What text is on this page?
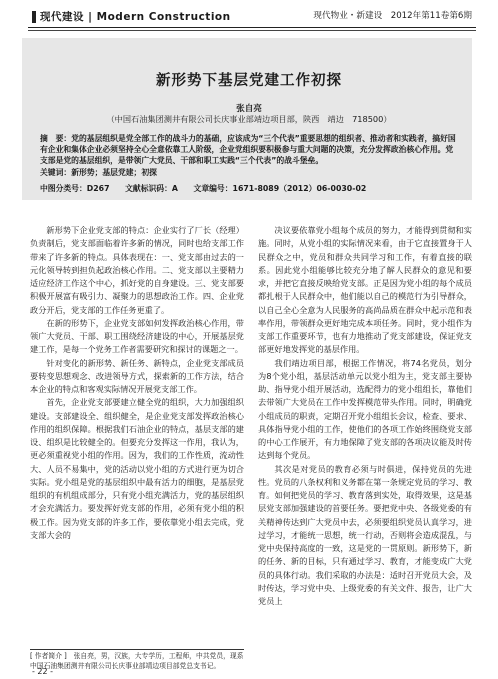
现代建设 | Modern Construction	现代物业・新建设　2012年第11卷第6期
新形势下基层党建工作初探
张自亮
（中国石油集团测井有限公司长庆事业部靖边项目部，陕西　靖边　718500）
摘　要：党的基层组织是党全部工作的战斗力的基础，应该成为“三个代表”重要思想的组织者、推动者和实践者，搞好国有企业和集体企业必须坚持全心全意依靠工人阶级，企业党组织要积极参与重大问题的决策，充分发挥政治核心作用。党支部是党的基层组织，是带领广大党员、干部和职工实践“三个代表”的战斗堡垒。
关键词：新形势；基层党建；初探
中图分类号：D267　　文献标识码：A　　文章编号：1671-8089（2012）06-0030-02

新形势下企业党支部的特点：企业实行了厂长（经理）负责制后，党支部面临着许多新的情况，同时也给支部工作带来了许多新的特点。具体表现在：一、党支部由过去的一元化领导转到担负起政治核心作用。二、党支部以主要精力适应经济工作这个中心，抓好党的自身建设。三、党支部要积极开展富有吸引力、凝聚力的思想政治工作。四、企业党政分开后，党支部的工作任务更重了。

在新的形势下，企业党支部如何发挥政治核心作用，带领广大党员、干部、职工围绕经济建设的中心，开展基层党建工作，是每一个党务工作者需要研究和探讨的课题之一。

针对变化的新形势、新任务、新特点，企业党支部成员要转变思想观念、改进领导方式，探索新的工作方法，结合本企业的特点和客观实际情况开展党支部工作。

首先，企业党支部要建立健全党的组织，大力加强组织建设。支部建设全、组织健全，是企业党支部发挥政治核心作用的组织保障。根据我们石油企业的特点，基层支部的建设、组织是比较健全的。但要充分发挥这一作用，我认为，更必须重视党小组的作用。因为，我们的工作性质，流动性大、人员不易集中，党的活动以党小组的方式进行更为切合实际。党小组是党的基层组织中最有活力的细胞，是基层党组织的有机组成部分，只有党小组充满活力，党的基层组织才会充满活力。要发挥好党支部的作用，必须有党小组的积极工作。因为党支部的许多工作，要依靠党小组去完成，党支部大会的

决议要依靠党小组每个成员的努力，才能得到贯彻和实施。同时，从党小组的实际情况来看，由于它直接置身于人民群众之中，党员和群众共同学习和工作，有着直接的联系。因此党小组能够比较充分地了解人民群众的意见和要求，并把它直接反映给党支部。正是因为党小组的每个成员都扎根于人民群众中，他们能以自己的模范行为引导群众，以自己全心全意为人民服务的高尚品质在群众中起示范和表率作用，带领群众更好地完成本项任务。同时，党小组作为支部工作重要环节，也有力地推动了党支部建设，保证党支部更好地发挥党的基层作用。

我们靖边项目部，根据工作情况，将74名党员，划分为8个党小组，基层活动单元以党小组为主，党支部主要协助、指导党小组开展活动，选配得力的党小组组长，靠他们去带领广大党员在工作中发挥模范带头作用。同时，明确党小组成员的职责，定期召开党小组组长会议，检查、要求、具体指导党小组的工作，使他们的各项工作始终围绕党支部的中心工作展开，有力地保障了党支部的各项决议能及时传达到每个党员。

其次是对党员的教育必须与时俱进，保持党员的先进性。党员的八条权利和义务都在第一条规定党员的学习、教育。如何把党员的学习、教育落到实处，取得效果，这是基层党支部加强建设的首要任务。要把党中央、各级党委的有关精神传达到广大党员中去，必须要组织党员认真学习，进过学习，才能统一思想，统一行动，否则将会造成混乱，与党中央保持高度的一致，这是党的一贯原则。新形势下，新的任务、新的目标，只有通过学习、教育，才能变成广大党员的具体行动。我们采取的办法是：适时召开党员大会，及时传达，学习党中央、上级党委的有关文件、报告，让广大党员上

[ 作者简介 ]　张自亮，男，汉族，大专学历，工程师，中共党员，现系中国石油集团测井有限公司长庆事业部靖边项目部党总支书记。
- 22 -
